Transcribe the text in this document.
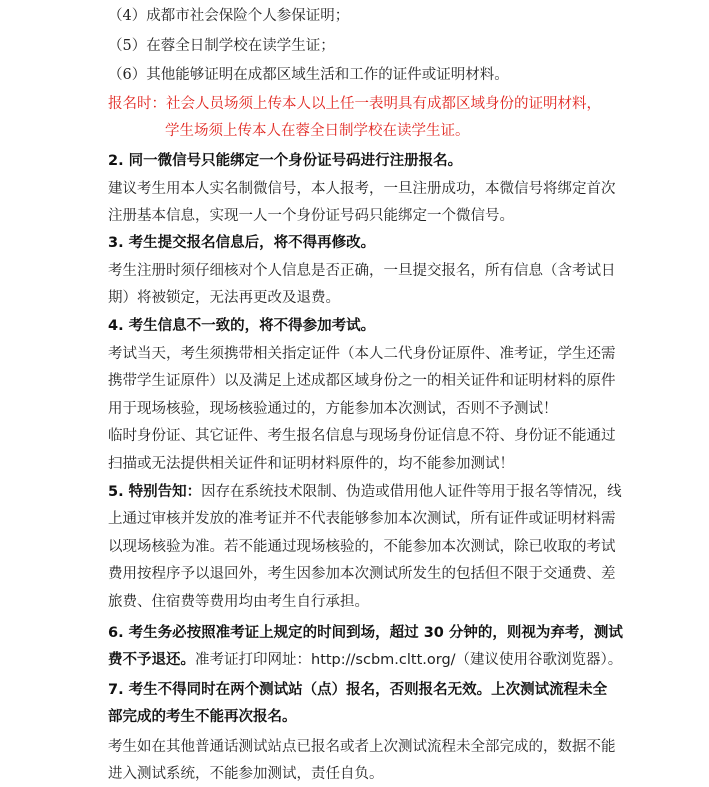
（4）成都市社会保险个人参保证明；
（5）在蓉全日制学校在读学生证；
（6）其他能够证明在成都区域生活和工作的证件或证明材料。
报名时：社会人员场须上传本人以上任一表明具有成都区域身份的证明材料，
学生场须上传本人在蓉全日制学校在读学生证。
2. 同一微信号只能绑定一个身份证号码进行注册报名。
建议考生用本人实名制微信号，本人报考，一旦注册成功，本微信号将绑定首次
注册基本信息，实现一人一个身份证号码只能绑定一个微信号。
3. 考生提交报名信息后，将不得再修改。
考生注册时须仔细核对个人信息是否正确，一旦提交报名，所有信息（含考试日
期）将被锁定，无法再更改及退费。
4. 考生信息不一致的，将不得参加考试。
考试当天，考生须携带相关指定证件（本人二代身份证原件、准考证，学生还需
携带学生证原件）以及满足上述成都区域身份之一的相关证件和证明材料的原件
用于现场核验，现场核验通过的，方能参加本次测试，否则不予测试！
临时身份证、其它证件、考生报名信息与现场身份证信息不符、身份证不能通过
扫描或无法提供相关证件和证明材料原件的，均不能参加测试！
5. 特别告知：因存在系统技术限制、伪造或借用他人证件等用于报名等情况，线
上通过审核并发放的准考证并不代表能够参加本次测试，所有证件或证明材料需
以现场核验为准。若不能通过现场核验的，不能参加本次测试，除已收取的考试
费用按程序予以退回外，考生因参加本次测试所发生的包括但不限于交通费、差
旅费、住宿费等费用均由考生自行承担。
6. 考生务必按照准考证上规定的时间到场，超过 30 分钟的，则视为弃考，测试
费不予退还。准考证打印网址：http://scbm.cltt.org/（建议使用谷歌浏览器）。
7. 考生不得同时在两个测试站（点）报名，否则报名无效。上次测试流程未全
部完成的考生不能再次报名。
考生如在其他普通话测试站点已报名或者上次测试流程未全部完成的，数据不能
进入测试系统，不能参加测试，责任自负。
